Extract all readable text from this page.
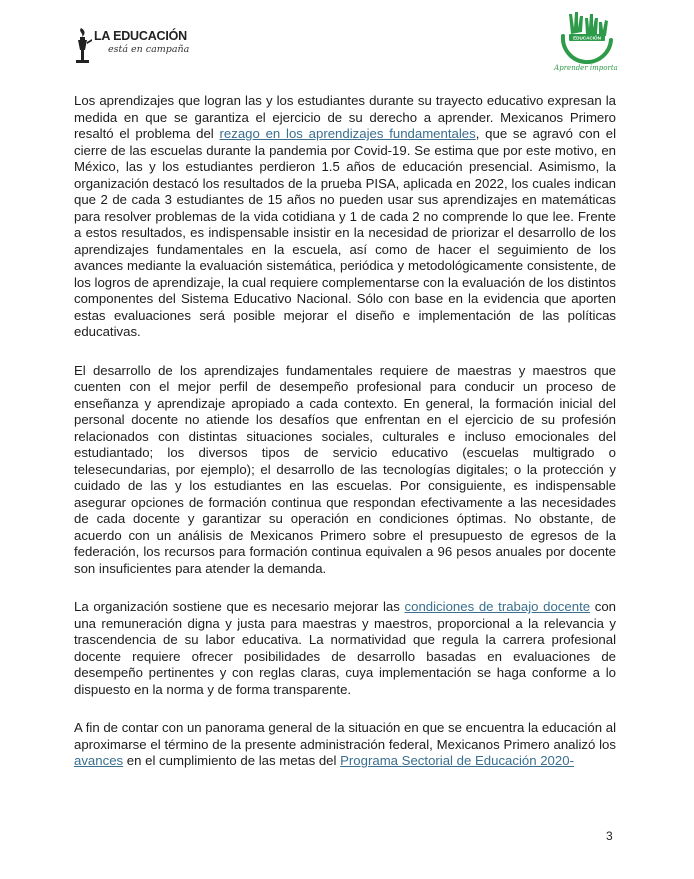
LA EDUCACIÓN
está en campaña
EDUCACIÓN
Aprender importa

Los aprendizajes que logran las y los estudiantes durante su trayecto educativo expresan la medida en que se garantiza el ejercicio de su derecho a aprender. Mexicanos Primero resaltó el problema del rezago en los aprendizajes fundamentales, que se agravó con el cierre de las escuelas durante la pandemia por Covid-19. Se estima que por este motivo, en México, las y los estudiantes perdieron 1.5 años de educación presencial. Asimismo, la organización destacó los resultados de la prueba PISA, aplicada en 2022, los cuales indican que 2 de cada 3 estudiantes de 15 años no pueden usar sus aprendizajes en matemáticas para resolver problemas de la vida cotidiana y 1 de cada 2 no comprende lo que lee. Frente a estos resultados, es indispensable insistir en la necesidad de priorizar el desarrollo de los aprendizajes fundamentales en la escuela, así como de hacer el seguimiento de los avances mediante la evaluación sistemática, periódica y metodológicamente consistente, de los logros de aprendizaje, la cual requiere complementarse con la evaluación de los distintos componentes del Sistema Educativo Nacional. Sólo con base en la evidencia que aporten estas evaluaciones será posible mejorar el diseño e implementación de las políticas educativas.

El desarrollo de los aprendizajes fundamentales requiere de maestras y maestros que cuenten con el mejor perfil de desempeño profesional para conducir un proceso de enseñanza y aprendizaje apropiado a cada contexto. En general, la formación inicial del personal docente no atiende los desafíos que enfrentan en el ejercicio de su profesión relacionados con distintas situaciones sociales, culturales e incluso emocionales del estudiantado; los diversos tipos de servicio educativo (escuelas multigrado o telesecundarias, por ejemplo); el desarrollo de las tecnologías digitales; o la protección y cuidado de las y los estudiantes en las escuelas. Por consiguiente, es indispensable asegurar opciones de formación continua que respondan efectivamente a las necesidades de cada docente y garantizar su operación en condiciones óptimas. No obstante, de acuerdo con un análisis de Mexicanos Primero sobre el presupuesto de egresos de la federación, los recursos para formación continua equivalen a 96 pesos anuales por docente son insuficientes para atender la demanda.

La organización sostiene que es necesario mejorar las condiciones de trabajo docente con una remuneración digna y justa para maestras y maestros, proporcional a la relevancia y trascendencia de su labor educativa. La normatividad que regula la carrera profesional docente requiere ofrecer posibilidades de desarrollo basadas en evaluaciones de desempeño pertinentes y con reglas claras, cuya implementación se haga conforme a lo dispuesto en la norma y de forma transparente.

A fin de contar con un panorama general de la situación en que se encuentra la educación al aproximarse el término de la presente administración federal, Mexicanos Primero analizó los avances en el cumplimiento de las metas del Programa Sectorial de Educación 2020-

3
